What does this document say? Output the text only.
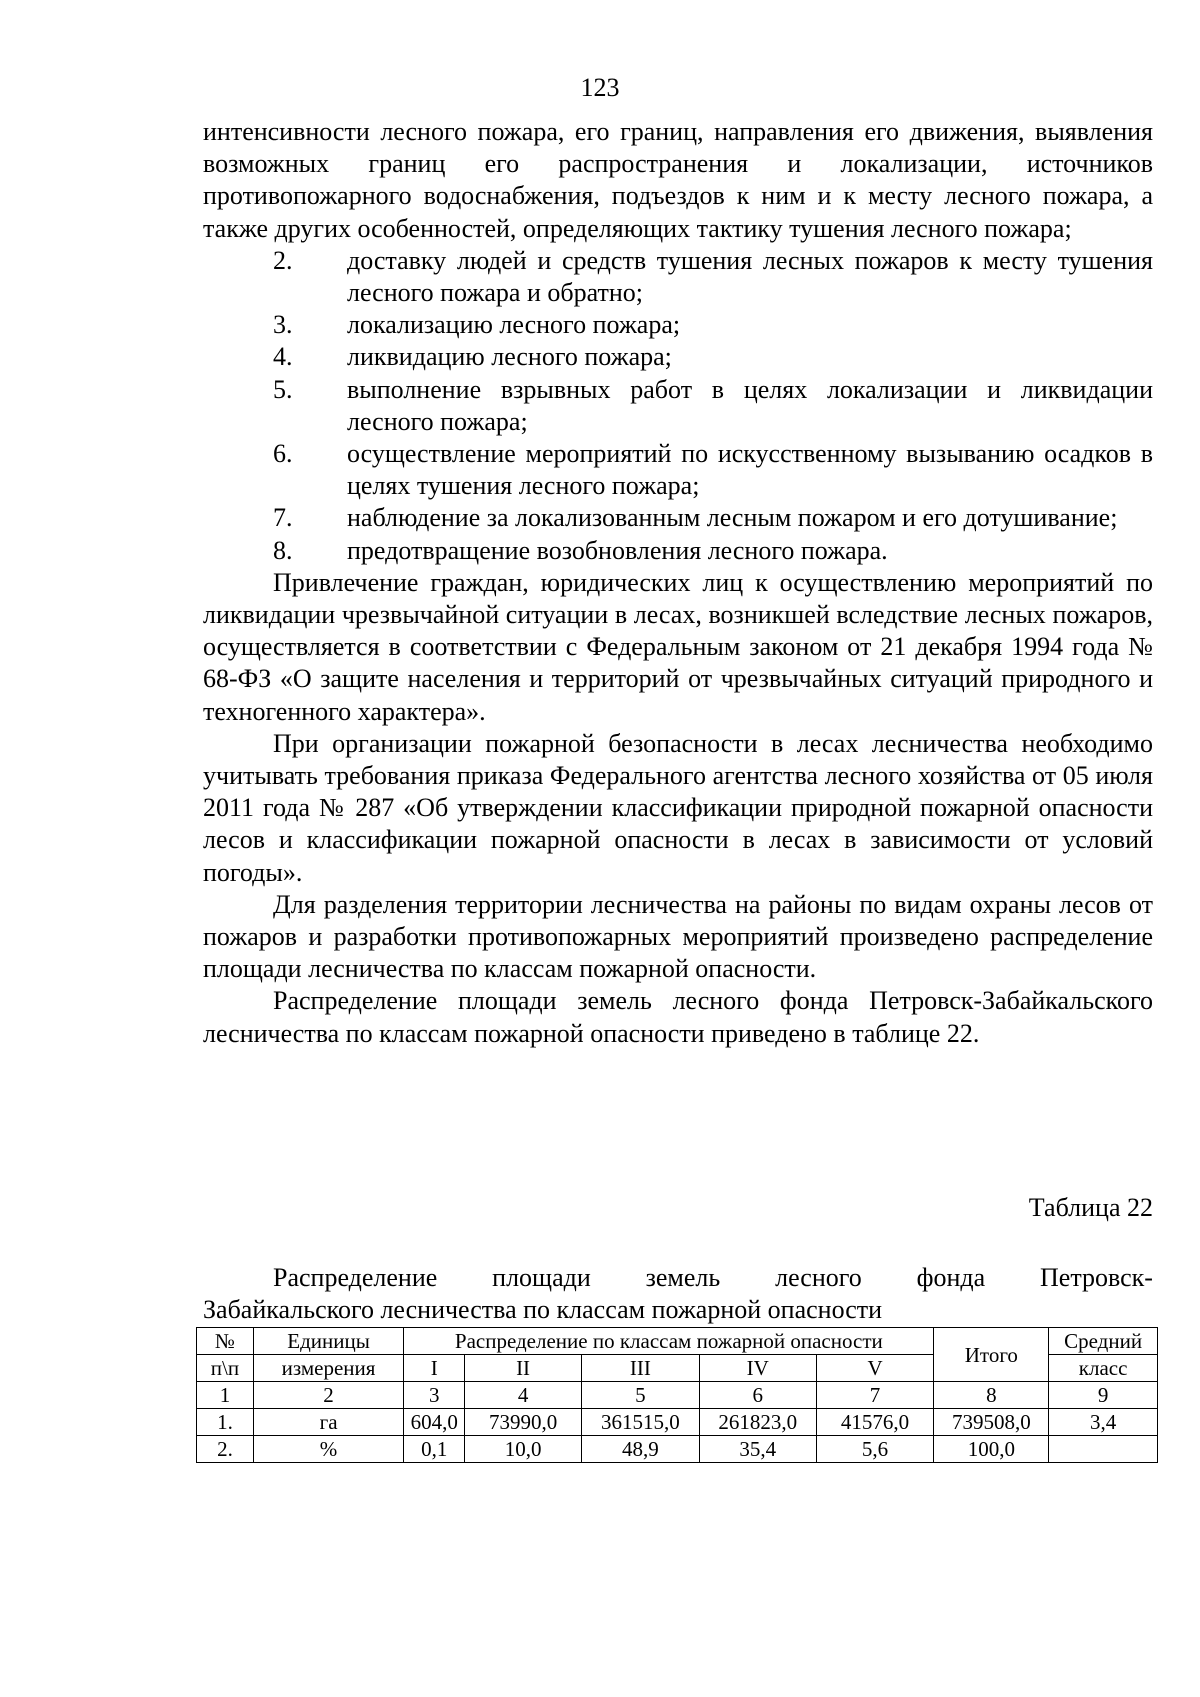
123

интенсивности лесного пожара, его границ, направления его движения, выявления возможных границ его распространения и локализации, источников противопожарного водоснабжения, подъездов к ним и к месту лесного пожара, а также других особенностей, определяющих тактику тушения лесного пожара;

2.	доставку людей и средств тушения лесных пожаров к месту тушения лесного пожара и обратно;
3.	локализацию лесного пожара;
4.	ликвидацию лесного пожара;
5.	выполнение взрывных работ в целях локализации и ликвидации лесного пожара;
6.	осуществление мероприятий по искусственному вызыванию осадков в целях тушения лесного пожара;
7.	наблюдение за локализованным лесным пожаром и его дотушивание;
8.	предотвращение возобновления лесного пожара.

Привлечение граждан, юридических лиц к осуществлению мероприятий по ликвидации чрезвычайной ситуации в лесах, возникшей вследствие лесных пожаров, осуществляется в соответствии с Федеральным законом от 21 декабря 1994 года № 68-ФЗ «О защите населения и территорий от чрезвычайных ситуаций природного и техногенного характера».

При организации пожарной безопасности в лесах лесничества необходимо учитывать требования приказа Федерального агентства лесного хозяйства от 05 июля 2011 года № 287 «Об утверждении классификации природной пожарной опасности лесов и классификации пожарной опасности в лесах в зависимости от условий погоды».

Для разделения территории лесничества на районы по видам охраны лесов от пожаров и разработки противопожарных мероприятий произведено распределение площади лесничества по классам пожарной опасности.

Распределение площади земель лесного фонда Петровск-Забайкальского лесничества по классам пожарной опасности приведено в таблице 22.

Таблица 22
Распределение площади земель лесного фонда Петровск-
Забайкальского лесничества по классам пожарной опасности
№	Единицы	Распределение по классам пожарной опасности					Итого	Средний
п\п	измерения	I	II	III	IV	V		класс
1	2	3	4	5	6	7	8	9
1.	га	604,0	73990,0	361515,0	261823,0	41576,0	739508,0	3,4
2.	%	0,1	10,0	48,9	35,4	5,6	100,0	
